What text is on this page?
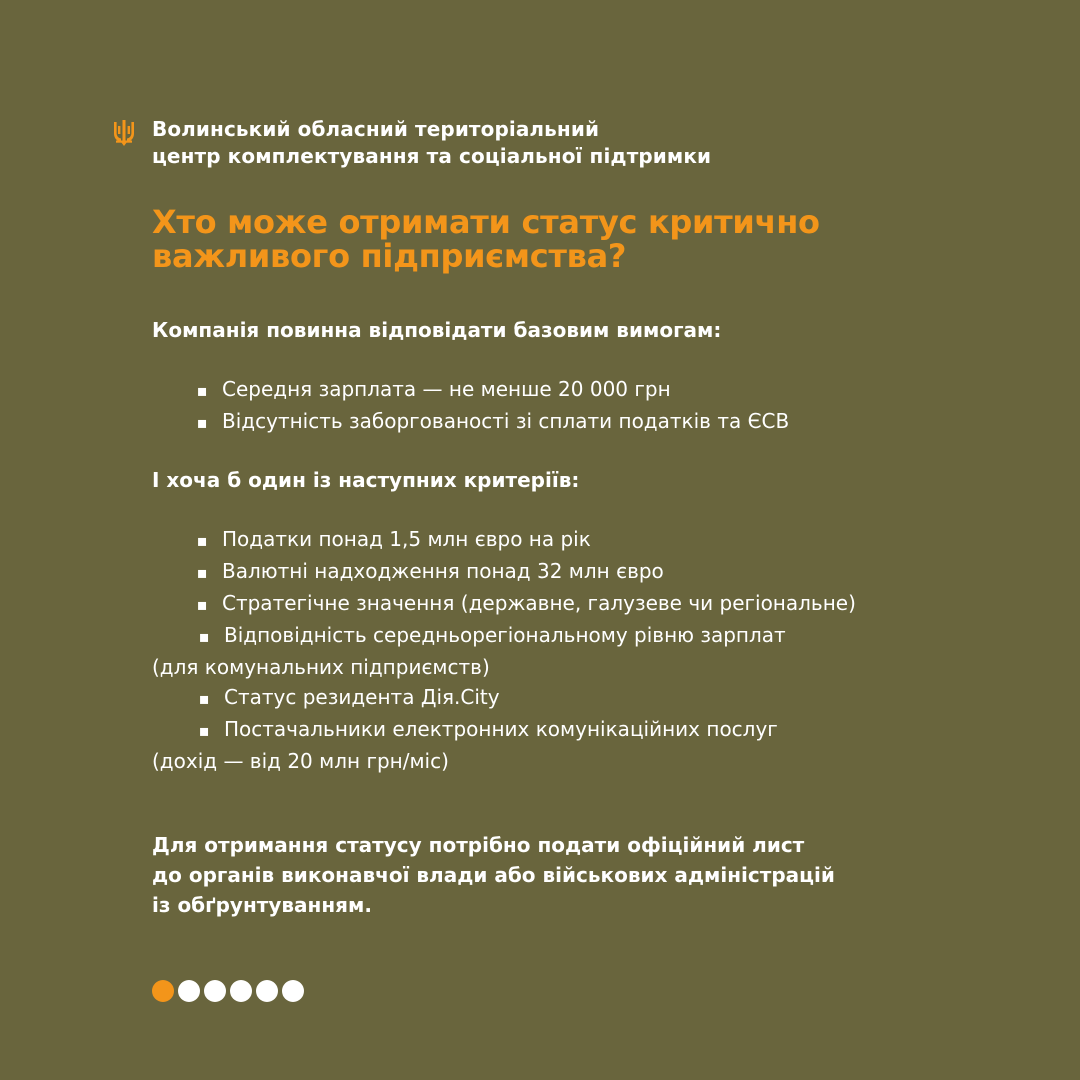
Волинський обласний територіальний
центр комплектування та соціальної підтримки
Хто може отримати статус критично
важливого підприємства?
Компанія повинна відповідати базовим вимогам:
▪ Середня зарплата — не менше 20 000 грн
▪ Відсутність заборгованості зі сплати податків та ЄСВ
І хоча б один із наступних критеріїв:
▪ Податки понад 1,5 млн євро на рік
▪ Валютні надходження понад 32 млн євро
▪ Стратегічне значення (державне, галузеве чи регіональне)
▪ Відповідність середньорегіональному рівню зарплат
(для комунальних підприємств)
▪ Статус резидента Дія.City
▪ Постачальники електронних комунікаційних послуг
(дохід — від 20 млн грн/міс)
Для отримання статусу потрібно подати офіційний лист
до органів виконавчої влади або військових адміністрацій
із обґрунтуванням.
